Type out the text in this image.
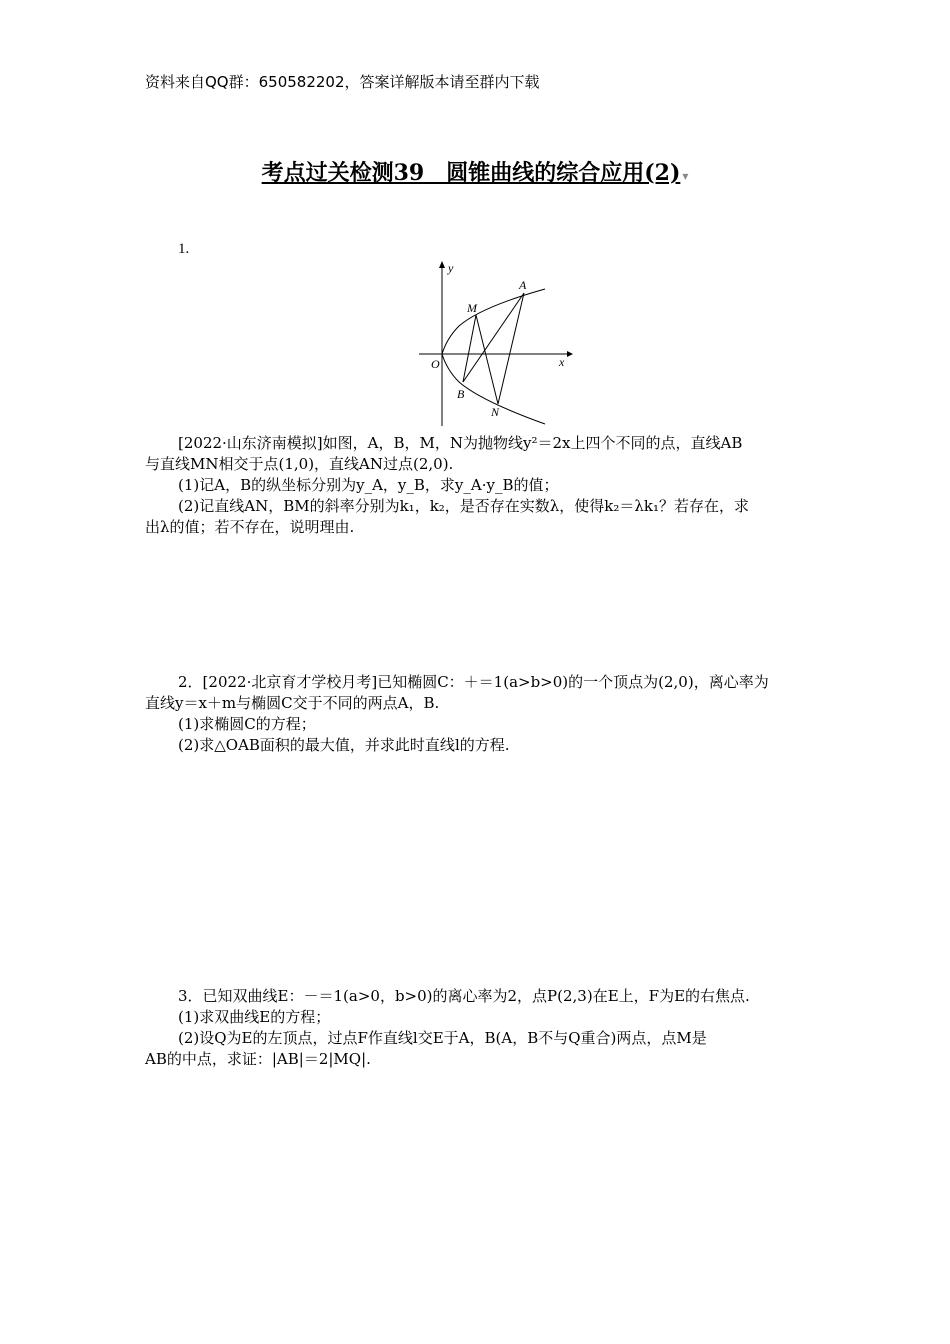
资料来自QQ群：650582202，答案详解版本请至群内下载
考点过关检测39　圆锥曲线的综合应用(2) ▾
1.
y
x
O
A
M
B
N

[2022·山东济南模拟]如图，A，B，M，N为抛物线y²＝2x上四个不同的点，直线AB

与直线MN相交于点(1,0)，直线AN过点(2,0).

(1)记A，B的纵坐标分别为y_A，y_B，求y_A·y_B的值；

(2)记直线AN，BM的斜率分别为k₁，k₂，是否存在实数λ，使得k₂＝λk₁？若存在，求

出λ的值；若不存在，说明理由.

2．[2022·北京育才学校月考]已知椭圆C：＋＝1(a>b>0)的一个顶点为(2,0)，离心率为

直线y＝x＋m与椭圆C交于不同的两点A，B.

(1)求椭圆C的方程；

(2)求△OAB面积的最大值，并求此时直线l的方程.

3．已知双曲线E：－＝1(a>0，b>0)的离心率为2，点P(2,3)在E上，F为E的右焦点.

(1)求双曲线E的方程；

(2)设Q为E的左顶点，过点F作直线l交E于A，B(A，B不与Q重合)两点，点M是

AB的中点，求证：|AB|＝2|MQ|.
